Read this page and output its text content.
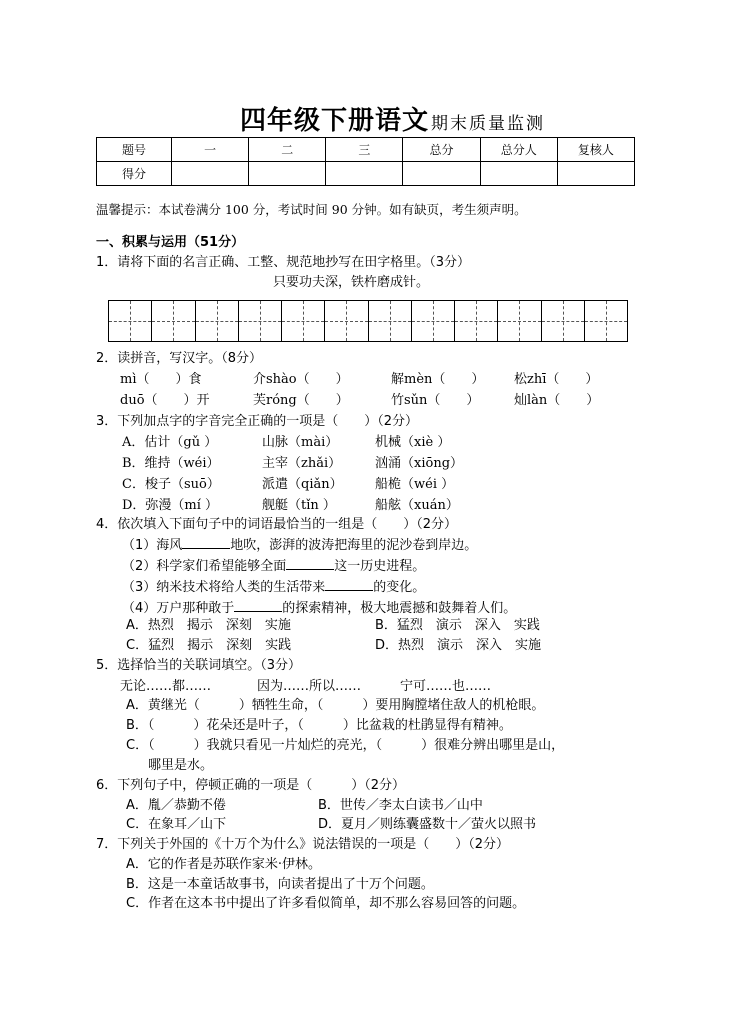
四年级下册语文 期末质量监测
题号	一	二	三	总分	总分人	复核人
得分						
温馨提示：本试卷满分 100 分，考试时间 90 分钟。如有缺页，考生须声明。
一、积累与运用（51分）
1．请将下面的名言正确、工整、规范地抄写在田字格里。（3分）
只要功夫深，铁杵磨成针。
2．读拼音，写汉字。（8分）
mì（　　）食	介shào（　　）	解mèn（　　） 松zhī（　　）
duō（　　）开	芙róng（　　）	竹sǔn（　　）	灿làn（　　）
3．下列加点字的字音完全正确的一项是（　　）（2分）
A．估计（gǔ ）	山脉（mài）	机械（xiè ）
B．维持（wéi）	主宰（zhǎi）	汹涌（xiōng）
C．梭子（suō）	派遣（qiǎn） 船桅（wéi ）
D．弥漫（mí ）	舰艇（tǐn ）	船舷（xuán）
4．依次填入下面句子中的词语最恰当的一组是（　　）（2分）
（1）海风	地吹，澎湃的波涛把海里的泥沙卷到岸边。
（2）科学家们希望能够全面	这一历史进程。
（3）纳米技术将给人类的生活带来	的变化。
（4）万户那种敢于	的探索精神，极大地震撼和鼓舞着人们。
A．热烈　揭示　深刻　实施	B．猛烈　演示　深入　实践
C．猛烈　揭示　深刻　实践	D．热烈　演示　深入　实施
5．选择恰当的关联词填空。（3分）
无论……都……	因为……所以……	宁可……也……
A．黄继光（　　　）牺牲生命，（　　　）要用胸膛堵住敌人的机枪眼。
B．（　　　）花朵还是叶子，（　　　）比盆栽的杜鹃显得有精神。
C．（　　　）我就只看见一片灿烂的亮光，（　　　）很难分辨出哪里是山，
哪里是水。
6．下列句子中，停顿正确的一项是（　　　）（2分）
A．胤／恭勤不倦	B．世传／李太白读书／山中
C．在象耳／山下	D．夏月／则练囊盛数十／萤火以照书
7．下列关于外国的《十万个为什么》说法错误的一项是（　　）（2分）
A．它的作者是苏联作家米·伊林。
B．这是一本童话故事书，向读者提出了十万个问题。
C．作者在这本书中提出了许多看似简单，却不那么容易回答的问题。
